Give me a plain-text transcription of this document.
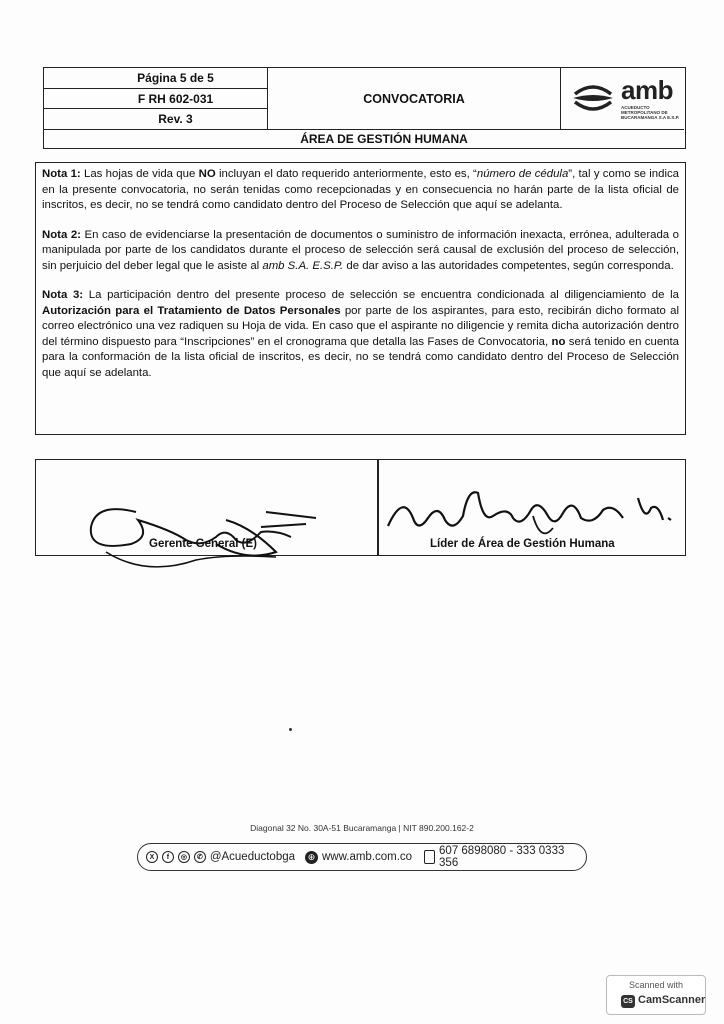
Página 5 de 5
F RH 602-031
Rev. 3
CONVOCATORIA	amb
ACUEDUCTO METROPOLITANO DE BUCARAMANGA S.A E.S.P.
ÁREA DE GESTIÓN HUMANA

Nota 1: Las hojas de vida que NO incluyan el dato requerido anteriormente, esto es, “número de cédula”, tal y como se indica en la presente convocatoria, no serán tenidas como recepcionadas y en consecuencia no harán parte de la lista oficial de inscritos, es decir, no se tendrá como candidato dentro del Proceso de Selección que aquí se adelanta.

Nota 2: En caso de evidenciarse la presentación de documentos o suministro de información inexacta, errónea, adulterada o manipulada por parte de los candidatos durante el proceso de selección será causal de exclusión del proceso de selección, sin perjuicio del deber legal que le asiste al amb S.A. E.S.P. de dar aviso a las autoridades competentes, según corresponda.

Nota 3: La participación dentro del presente proceso de selección se encuentra condicionada al diligenciamiento de la Autorización para el Tratamiento de Datos Personales por parte de los aspirantes, para esto, recibirán dicho formato al correo electrónico una vez radiquen su Hoja de vida. En caso que el aspirante no diligencie y remita dicha autorización dentro del término dispuesto para “Inscripciones” en el cronograma que detalla las Fases de Convocatoria, no será tenido en cuenta para la conformación de la lista oficial de inscritos, es decir, no se tendrá como candidato dentro del Proceso de Selección que aquí se adelanta.

Gerente General (E)	Líder de Área de Gestión Humana
Diagonal 32 No. 30A-51 Bucaramanga | NIT 890.200.162-2
X	f	◎	✆ @Acueductobga ⊕ www.amb.com.co 607 6898080 - 333 0333 356
Scanned with
CS CamScanner
